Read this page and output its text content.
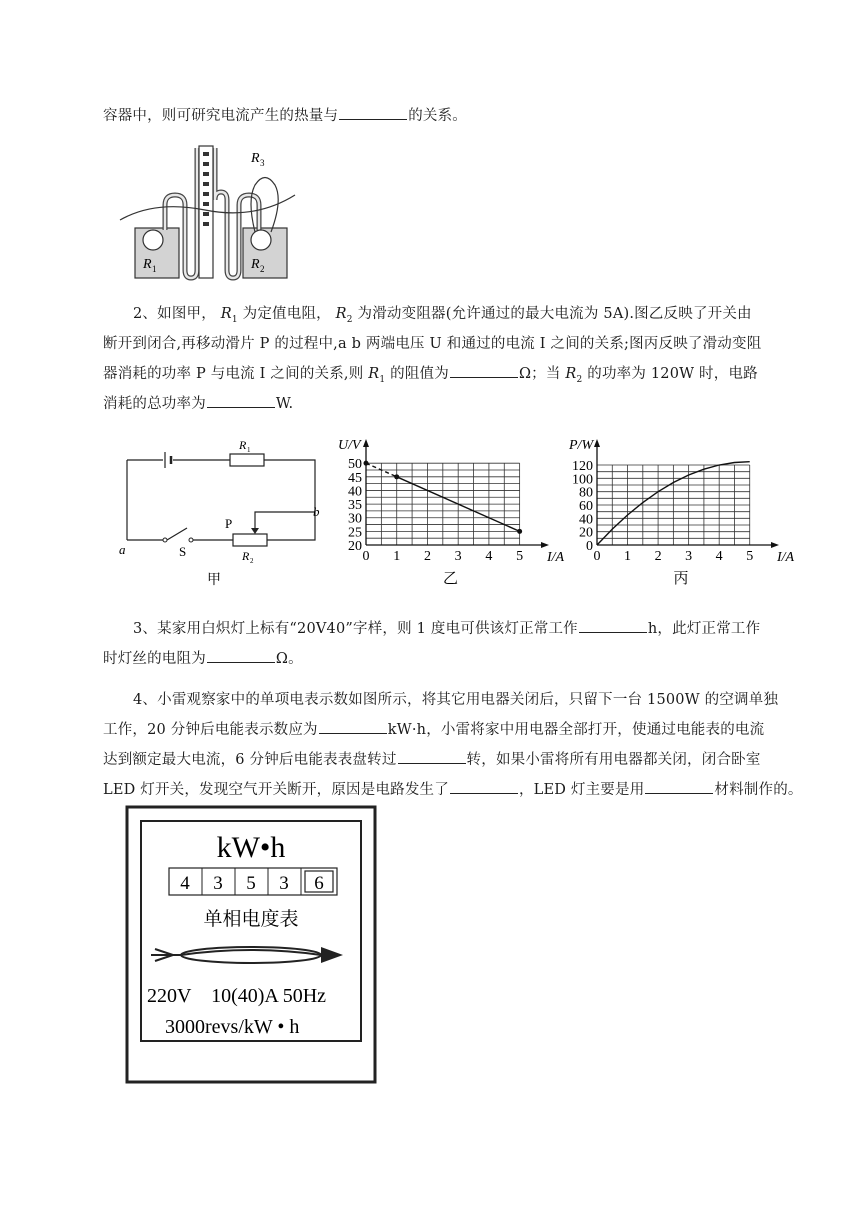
容器中，则可研究电流产生的热量与	的关系。
R 1	R 2
R 3
2、如图甲， $R_1$ 为定值电阻， $R_2$ 为滑动变阻器(允许通过的最大电流为 5A).图乙反映了开关由
断开到闭合,再移动滑片 P 的过程中,a b 两端电压 U 和通过的电流 I 之间的关系;图丙反映了滑动变阻
器消耗的功率 P 与电流 I 之间的关系,则 $R_1$ 的阻值为	Ω；当 $R_2$ 的功率为 120W 时，电路
消耗的总功率为	W.
R 1
R 2
P
S
a
b
甲
0 1 2 3 4 5
20
25
30
35
40
45
50
I/A
U/V
乙
0 1 2 3 4 5
0
20
40
60
80
100
120
I/A
P/W
丙
3、某家用白炽灯上标有“20V40”字样，则 1 度电可供该灯正常工作	h，此灯正常工作
时灯丝的电阻为	Ω。
4、小雷观察家中的单项电表示数如图所示，将其它用电器关闭后，只留下一台 1500W 的空调单独
工作，20 分钟后电能表示数应为	kW·h，小雷将家中用电器全部打开，使通过电能表的电流
达到额定最大电流，6 分钟后电能表表盘转过	转，如果小雷将所有用电器都关闭，闭合卧室
LED 灯开关，发现空气开关断开，原因是电路发生了	，LED 灯主要是用	材料制作的。
kW•h
4 3 5 3 6
单相电度表
220V    10(40)A 50Hz
3000revs/kW • h
